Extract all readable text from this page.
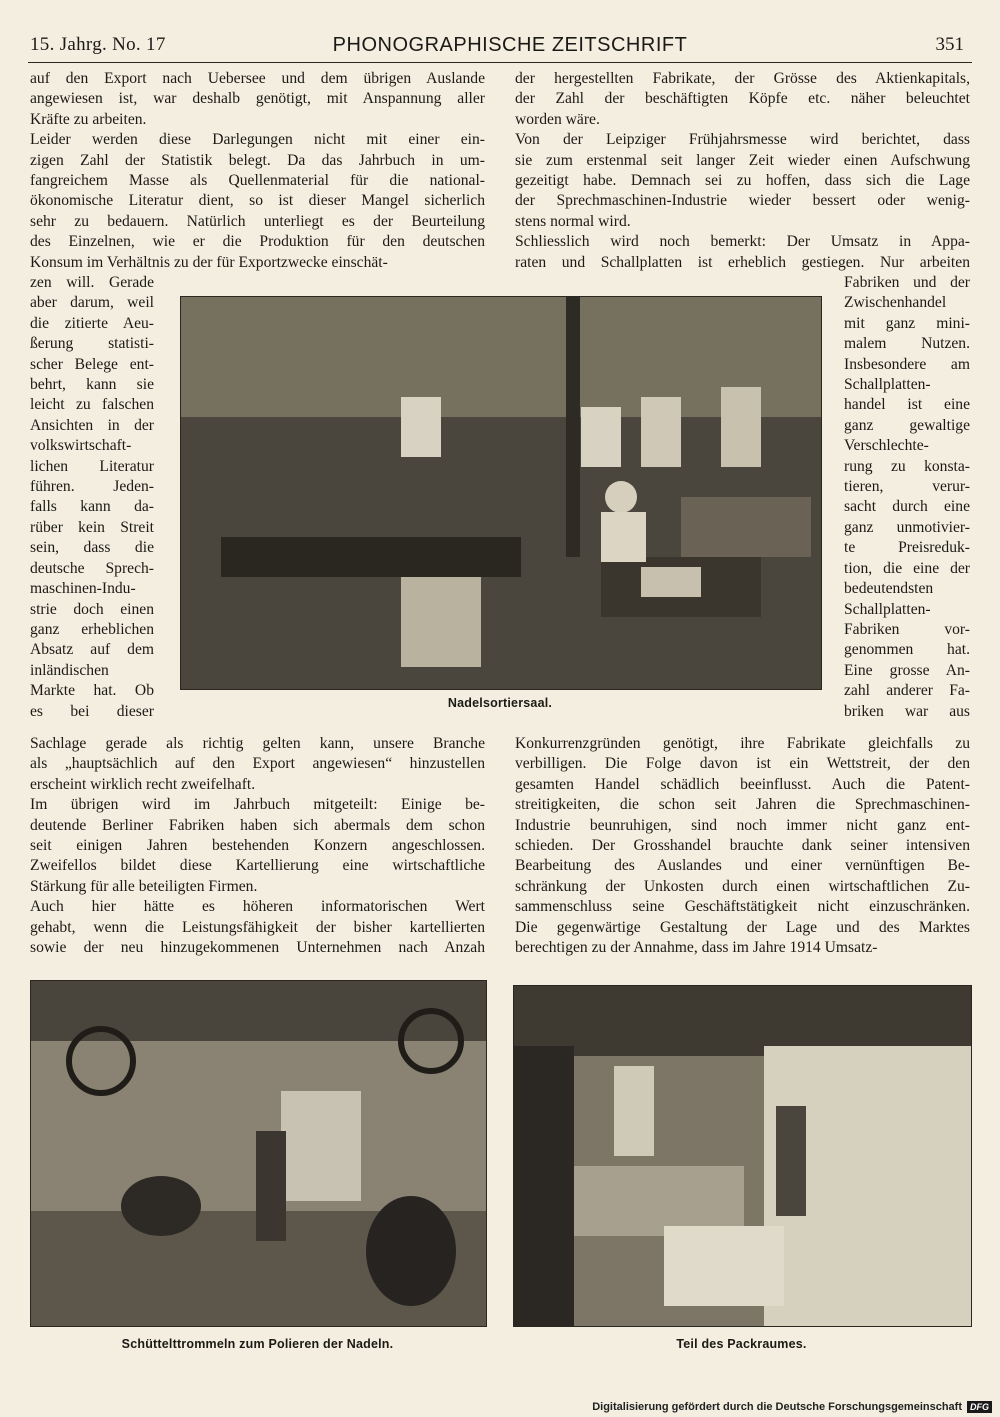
15. Jahrg. No. 17	PHONOGRAPHISCHE ZEITSCHRIFT	351
auf den Export nach Uebersee und dem übrigen Auslande
angewiesen ist, war deshalb genötigt, mit Anspannung aller
Kräfte zu arbeiten.
Leider werden diese Darlegungen nicht mit einer ein-
zigen Zahl der Statistik belegt. Da das Jahrbuch in um-
fangreichem Masse als Quellenmaterial für die national-
ökonomische Literatur dient, so ist dieser Mangel sicherlich
sehr zu bedauern. Natürlich unterliegt es der Beurteilung
des Einzelnen, wie er die Produktion für den deutschen
Konsum im Verhältnis zu der für Exportzwecke einschät-
zen will. Gerade
aber darum, weil
die zitierte Aeu-
ßerung statisti-
scher Belege ent-
behrt, kann sie
leicht zu falschen
Ansichten in der
volkswirtschaft-
lichen Literatur
führen. Jeden-
falls kann da-
rüber kein Streit
sein, dass die
deutsche Sprech-
maschinen-Indu-
strie doch einen
ganz erheblichen
Absatz auf dem
inländischen
Markte hat. Ob
es bei dieser
Sachlage gerade als richtig gelten kann, unsere Branche
als „hauptsächlich auf den Export angewiesen“ hinzustellen
erscheint wirklich recht zweifelhaft.
Im übrigen wird im Jahrbuch mitgeteilt: Einige be-
deutende Berliner Fabriken haben sich abermals dem schon
seit einigen Jahren bestehenden Konzern angeschlossen.
Zweifellos bildet diese Kartellierung eine wirtschaftliche
Stärkung für alle beteiligten Firmen.
Auch hier hätte es höheren informatorischen Wert
gehabt, wenn die Leistungsfähigkeit der bisher kartellierten
sowie der neu hinzugekommenen Unternehmen nach Anzah
der hergestellten Fabrikate, der Grösse des Aktienkapitals,
der Zahl der beschäftigten Köpfe etc. näher beleuchtet
worden wäre.
Von der Leipziger Frühjahrsmesse wird berichtet, dass
sie zum erstenmal seit langer Zeit wieder einen Aufschwung
gezeitigt habe. Demnach sei zu hoffen, dass sich die Lage
der Sprechmaschinen-Industrie wieder bessert oder wenig-
stens normal wird.
Schliesslich wird noch bemerkt: Der Umsatz in Appa-
raten und Schallplatten ist erheblich gestiegen. Nur arbeiten
Fabriken und der
Zwischenhandel
mit ganz mini-
malem Nutzen.
Insbesondere am
Schallplatten-
handel ist eine
ganz gewaltige
Verschlechte-
rung zu konsta-
tieren, verur-
sacht durch eine
ganz unmotivier-
te Preisreduk-
tion, die eine der
bedeutendsten
Schallplatten-
Fabriken vor-
genommen hat.
Eine grosse An-
zahl anderer Fa-
briken war aus
Konkurrenzgründen genötigt, ihre Fabrikate gleichfalls zu
verbilligen. Die Folge davon ist ein Wettstreit, der den
gesamten Handel schädlich beeinflusst. Auch die Patent-
streitigkeiten, die schon seit Jahren die Sprechmaschinen-
Industrie beunruhigen, sind noch immer nicht ganz ent-
schieden. Der Grosshandel brauchte dank seiner intensiven
Bearbeitung des Auslandes und einer vernünftigen Be-
schränkung der Unkosten durch einen wirtschaftlichen Zu-
sammenschluss seine Geschäftstätigkeit nicht einzuschränken.
Die gegenwärtige Gestaltung der Lage und des Marktes
berechtigen zu der Annahme, dass im Jahre 1914 Umsatz-
Nadelsortiersaal.
Schüttelttrommeln zum Polieren der Nadeln.	Teil des Packraumes.
Digitalisierung gefördert durch die Deutsche Forschungsgemeinschaft DFG
